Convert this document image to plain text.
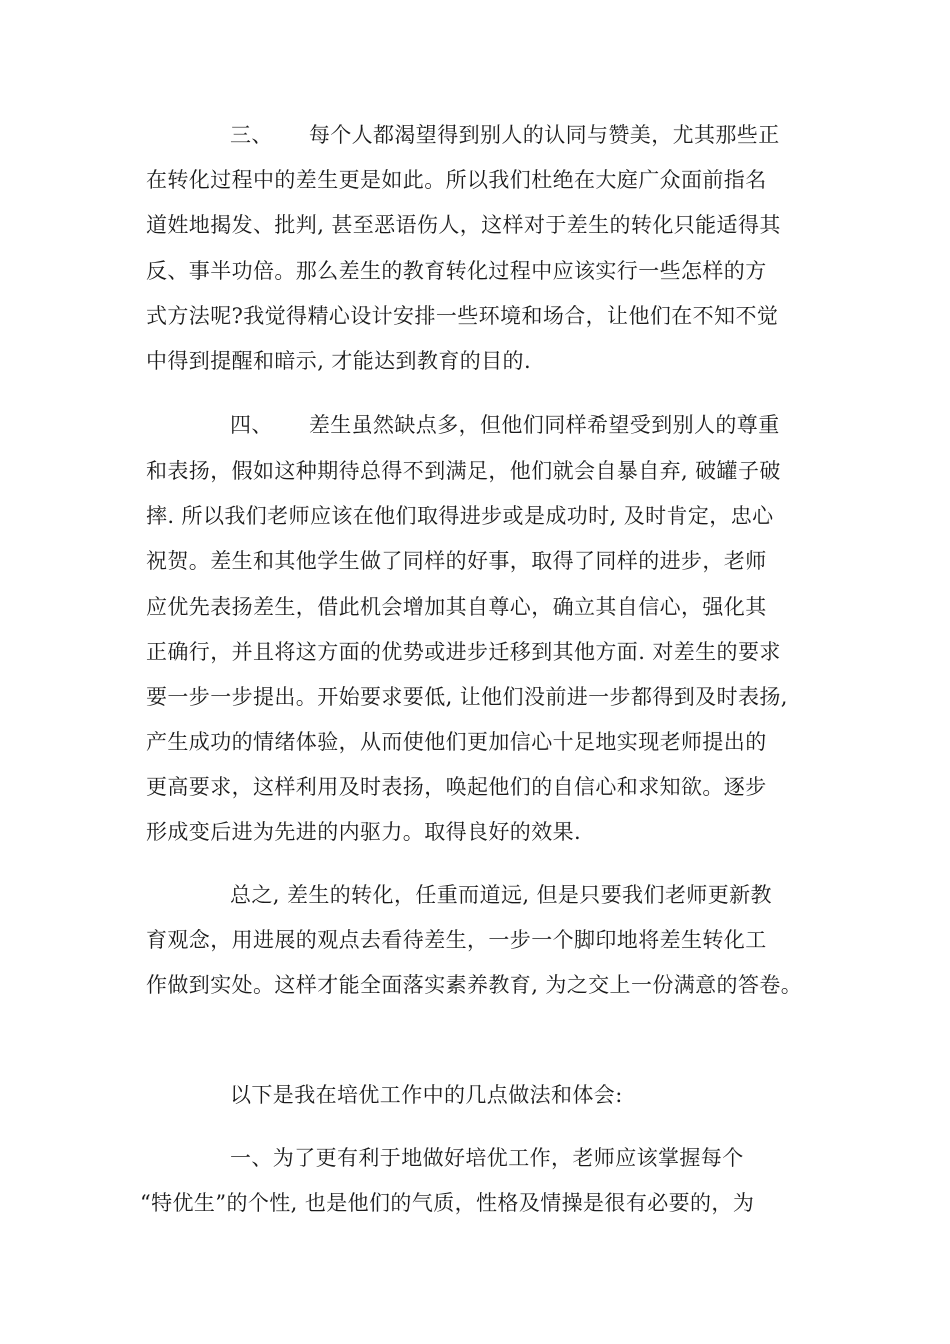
三、 每个人都渴望得到别人的认同与赞美，尤其那些正
在转化过程中的差生更是如此。所以我们杜绝在大庭广众面前指名
道姓地揭发、批判, 甚至恶语伤人，这样对于差生的转化只能适得其
反、事半功倍。那么差生的教育转化过程中应该实行一些怎样的方
式方法呢?我觉得精心设计安排一些环境和场合，让他们在不知不觉
中得到提醒和暗示, 才能达到教育的目的.
四、 差生虽然缺点多，但他们同样希望受到别人的尊重
和表扬，假如这种期待总得不到满足，他们就会自暴自弃, 破罐子破
摔. 所以我们老师应该在他们取得进步或是成功时, 及时肯定，忠心
祝贺。差生和其他学生做了同样的好事，取得了同样的进步，老师
应优先表扬差生，借此机会增加其自尊心，确立其自信心，强化其
正确行，并且将这方面的优势或进步迁移到其他方面. 对差生的要求
要一步一步提出。开始要求要低, 让他们没前进一步都得到及时表扬,
产生成功的情绪体验，从而使他们更加信心十足地实现老师提出的
更高要求，这样利用及时表扬，唤起他们的自信心和求知欲。逐步
形成变后进为先进的内驱力。取得良好的效果.
总之, 差生的转化，任重而道远, 但是只要我们老师更新教
育观念，用进展的观点去看待差生，一步一个脚印地将差生转化工
作做到实处。这样才能全面落实素养教育, 为之交上一份满意的答卷。
以下是我在培优工作中的几点做法和体会:
一、为了更有利于地做好培优工作，老师应该掌握每个
“特优生”的个性, 也是他们的气质，性格及情操是很有必要的，为
